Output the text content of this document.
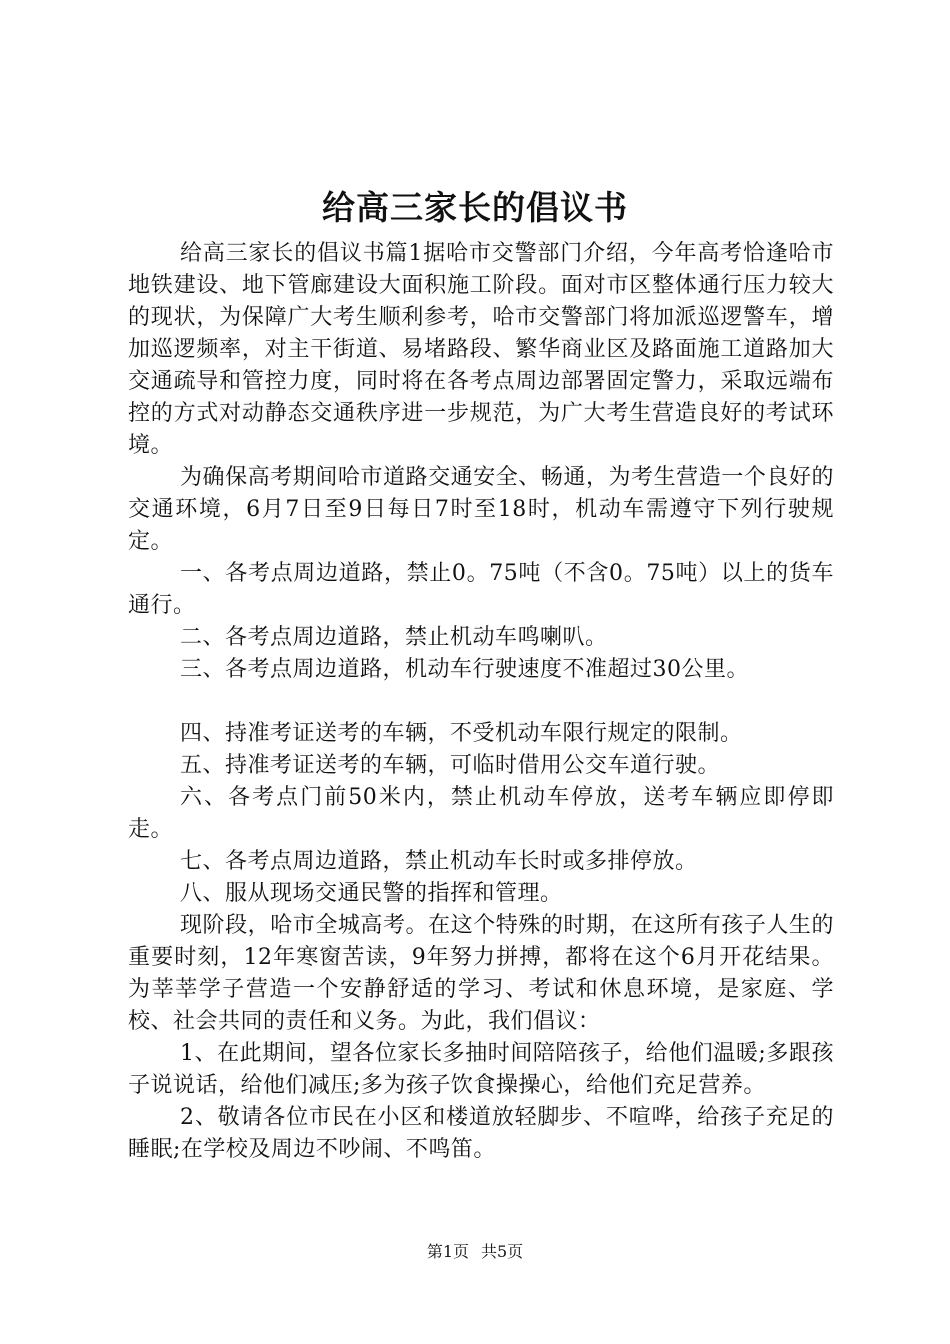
给高三家长的倡议书

给高三家长的倡议书篇1据哈市交警部门介绍，今年高考恰逢哈市地铁建设、地下管廊建设大面积施工阶段。面对市区整体通行压力较大的现状，为保障广大考生顺利参考，哈市交警部门将加派巡逻警车，增加巡逻频率，对主干街道、易堵路段、繁华商业区及路面施工道路加大交通疏导和管控力度，同时将在各考点周边部署固定警力，采取远端布控的方式对动静态交通秩序进一步规范，为广大考生营造良好的考试环境。

为确保高考期间哈市道路交通安全、畅通，为考生营造一个良好的交通环境，6月7日至9日每日7时至18时，机动车需遵守下列行驶规定。

一、各考点周边道路，禁止0。75吨（不含0。75吨）以上的货车通行。

二、各考点周边道路，禁止机动车鸣喇叭。

三、各考点周边道路，机动车行驶速度不准超过30公里。

四、持准考证送考的车辆，不受机动车限行规定的限制。

五、持准考证送考的车辆，可临时借用公交车道行驶。

六、各考点门前50米内，禁止机动车停放，送考车辆应即停即走。

七、各考点周边道路，禁止机动车长时或多排停放。

八、服从现场交通民警的指挥和管理。

现阶段，哈市全城高考。在这个特殊的时期，在这所有孩子人生的重要时刻，12年寒窗苦读，9年努力拼搏，都将在这个6月开花结果。为莘莘学子营造一个安静舒适的学习、考试和休息环境，是家庭、学校、社会共同的责任和义务。为此，我们倡议：

1、在此期间，望各位家长多抽时间陪陪孩子，给他们温暖;多跟孩子说说话，给他们减压;多为孩子饮食操操心，给他们充足营养。

2、敬请各位市民在小区和楼道放轻脚步、不喧哗，给孩子充足的睡眠;在学校及周边不吵闹、不鸣笛。

第1页 共5页
